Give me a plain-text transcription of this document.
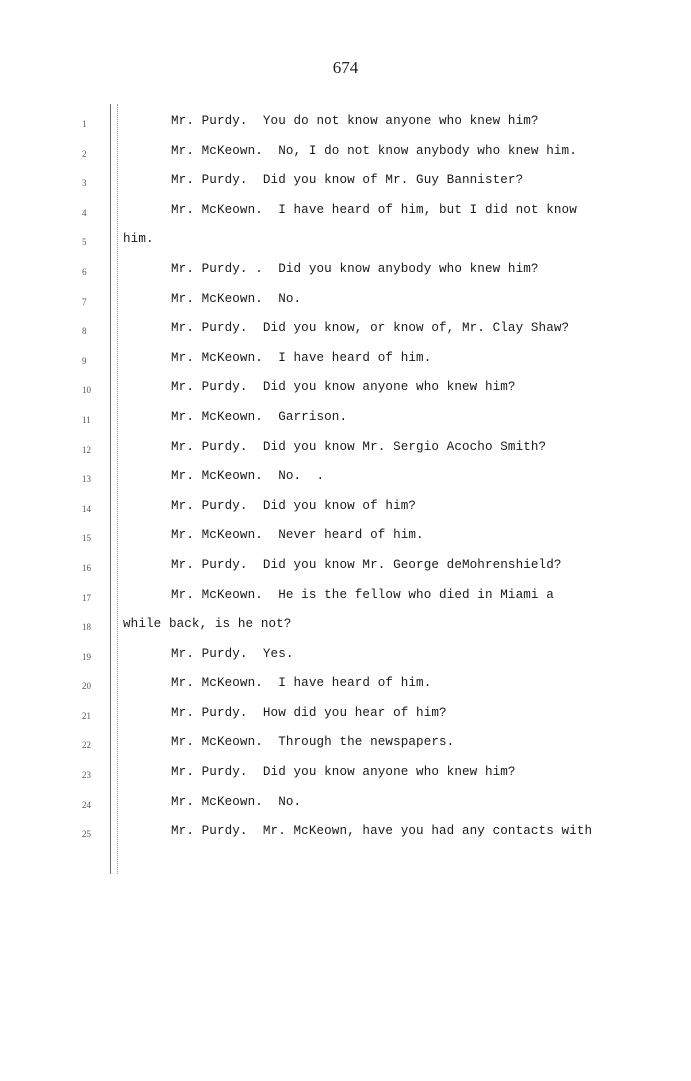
674
1	Mr. Purdy.  You do not know anyone who knew him?
2	Mr. McKeown.  No, I do not know anybody who knew him.
3	Mr. Purdy.  Did you know of Mr. Guy Bannister?
4	Mr. McKeown.  I have heard of him, but I did not know
5	him.
6	Mr. Purdy. .  Did you know anybody who knew him?
7	Mr. McKeown.  No.
8	Mr. Purdy.  Did you know, or know of, Mr. Clay Shaw?
9	Mr. McKeown.  I have heard of him.
10	Mr. Purdy.  Did you know anyone who knew him?
11	Mr. McKeown.  Garrison.
12	Mr. Purdy.  Did you know Mr. Sergio Acocho Smith?
13	Mr. McKeown.  No.  .
14	Mr. Purdy.  Did you know of him?
15	Mr. McKeown.  Never heard of him.
16	Mr. Purdy.  Did you know Mr. George deMohrenshield?
17	Mr. McKeown.  He is the fellow who died in Miami a
18	while back, is he not?
19	Mr. Purdy.  Yes.
20	Mr. McKeown.  I have heard of him.
21	Mr. Purdy.  How did you hear of him?
22	Mr. McKeown.  Through the newspapers.
23	Mr. Purdy.  Did you know anyone who knew him?
24	Mr. McKeown.  No.
25	Mr. Purdy.  Mr. McKeown, have you had any contacts with
